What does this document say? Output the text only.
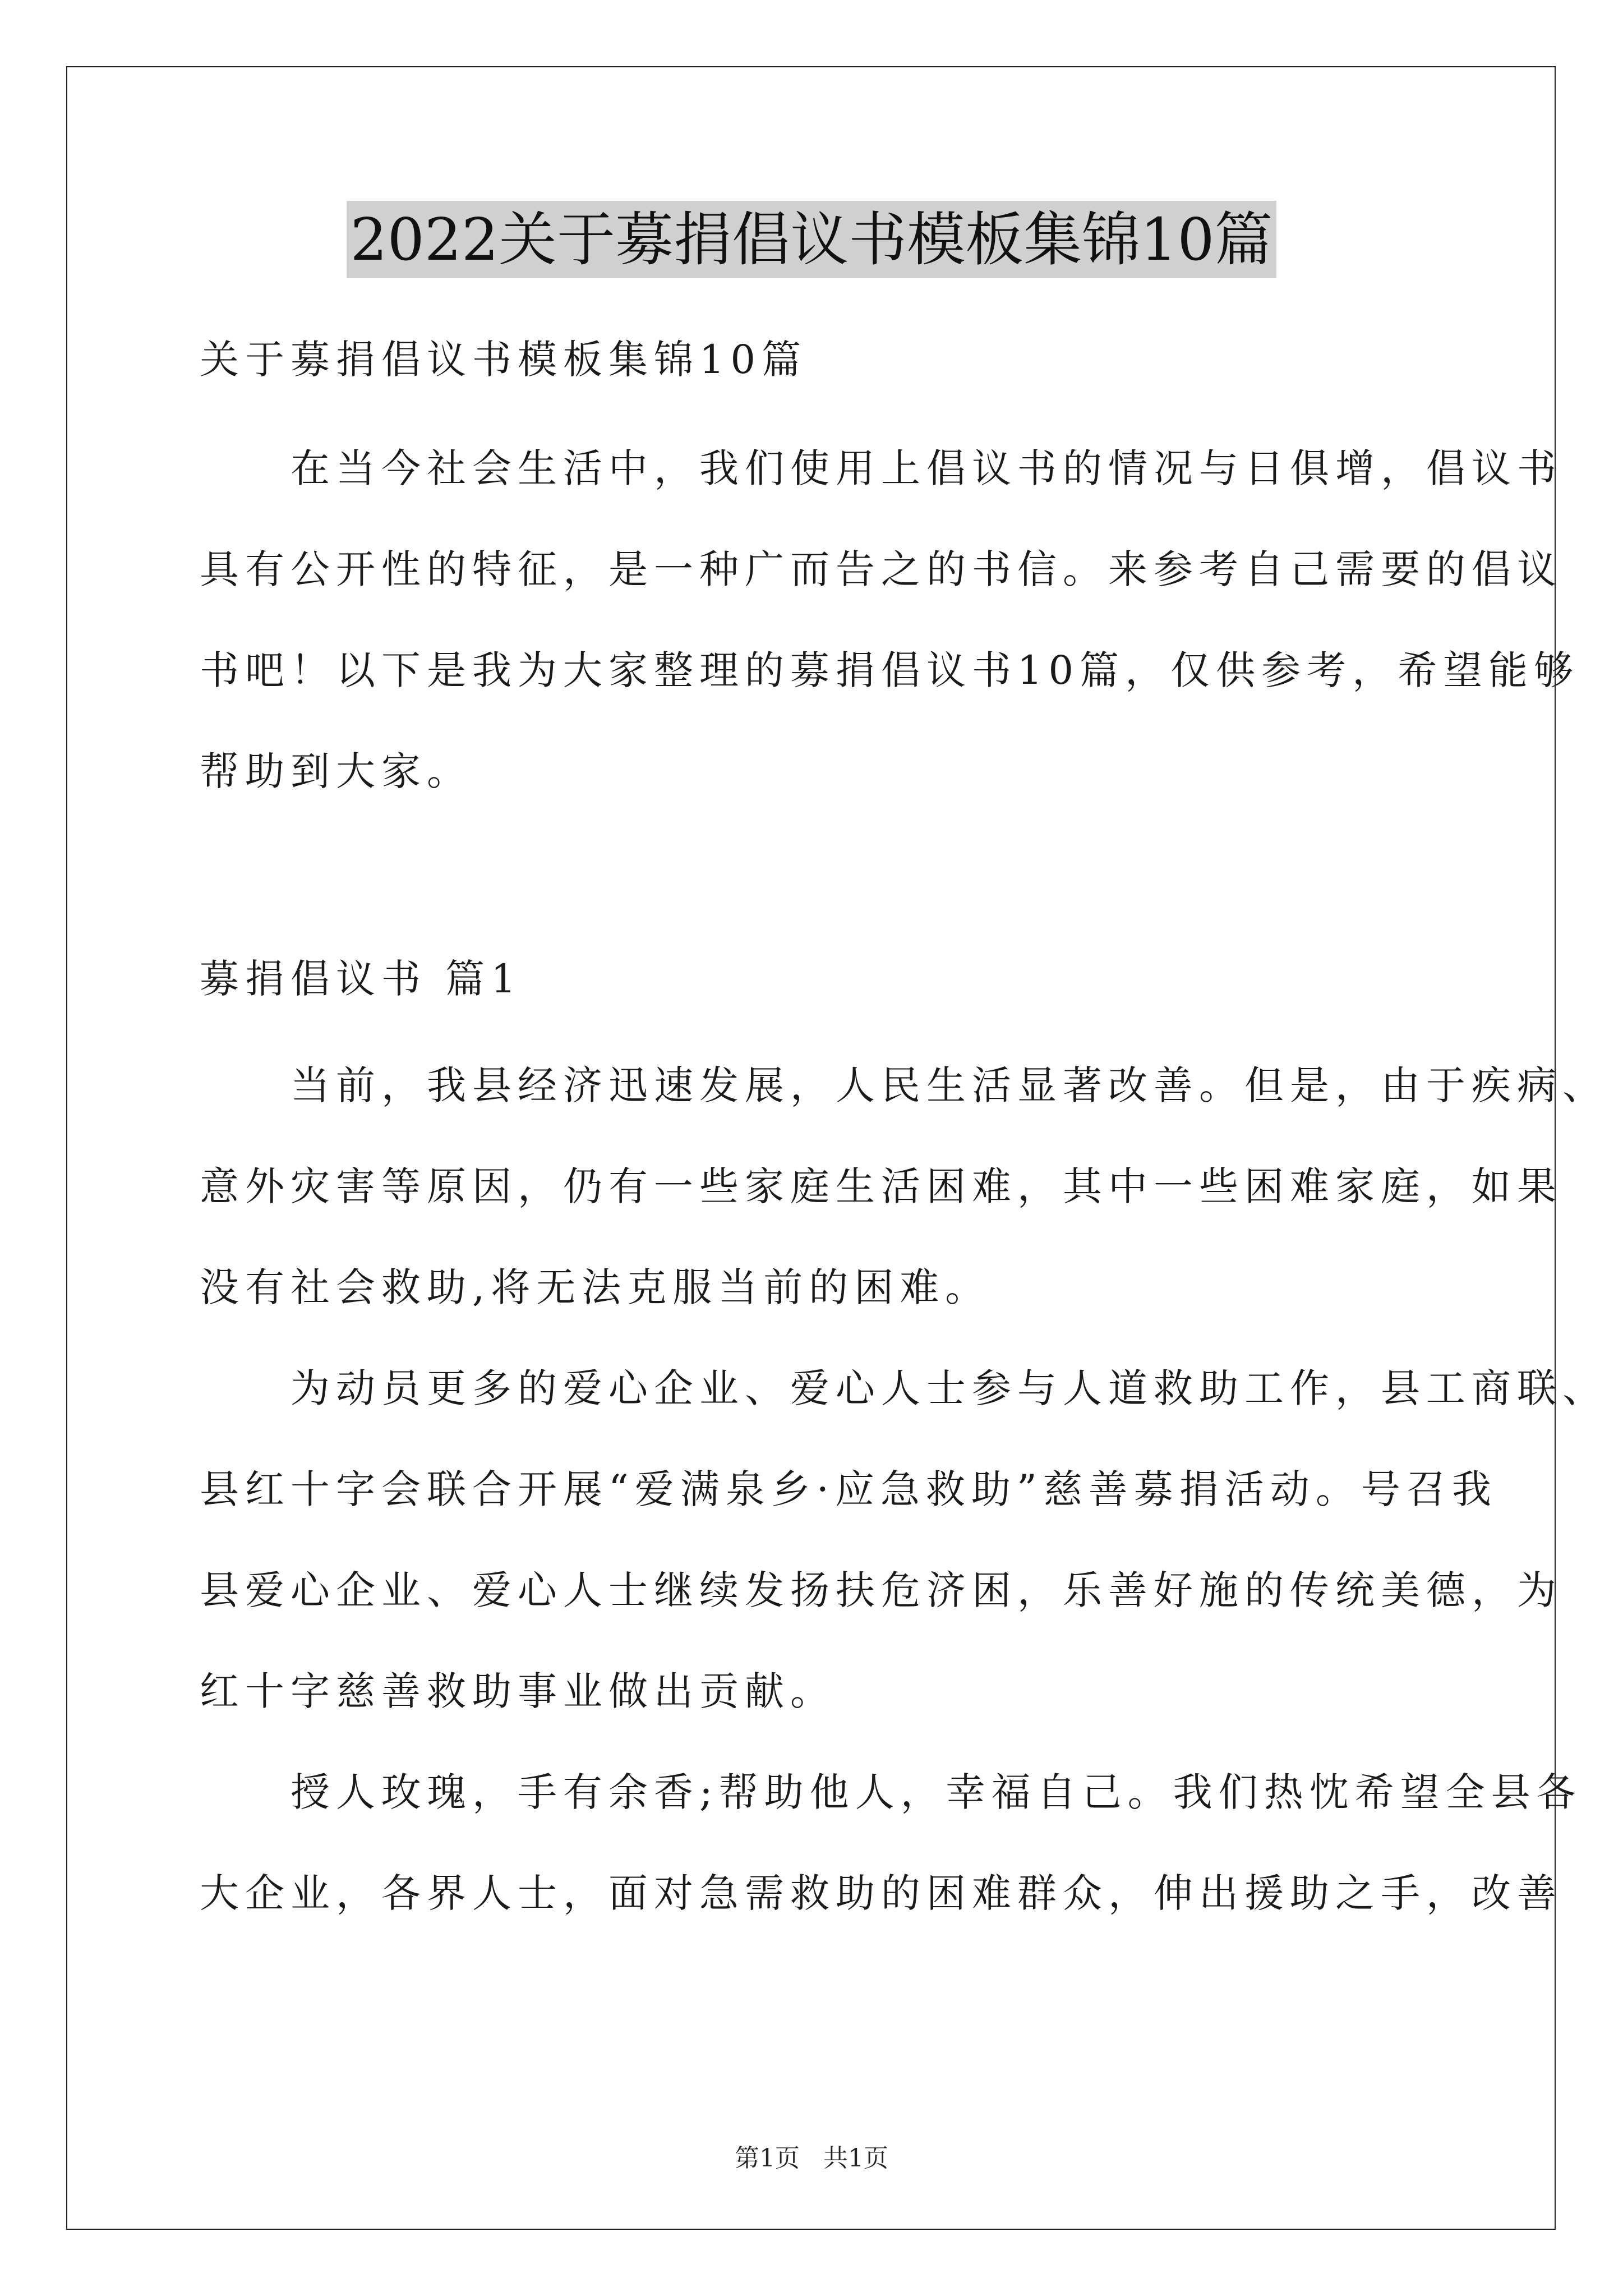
2022关于募捐倡议书模板集锦10篇
关于募捐倡议书模板集锦10篇
　　在当今社会生活中，我们使用上倡议书的情况与日俱增，倡议书
具有公开性的特征，是一种广而告之的书信。来参考自己需要的倡议
书吧！以下是我为大家整理的募捐倡议书10篇，仅供参考，希望能够
帮助到大家。
募捐倡议书 篇1
　　当前，我县经济迅速发展，人民生活显著改善。但是，由于疾病、
意外灾害等原因，仍有一些家庭生活困难，其中一些困难家庭，如果
没有社会救助,将无法克服当前的困难。
　　为动员更多的爱心企业、爱心人士参与人道救助工作，县工商联、
县红十字会联合开展“爱满泉乡·应急救助”慈善募捐活动。号召我
县爱心企业、爱心人士继续发扬扶危济困，乐善好施的传统美德，为
红十字慈善救助事业做出贡献。
　　授人玫瑰，手有余香;帮助他人，幸福自己。我们热忱希望全县各
大企业，各界人士，面对急需救助的困难群众，伸出援助之手，改善
第1页 共1页
